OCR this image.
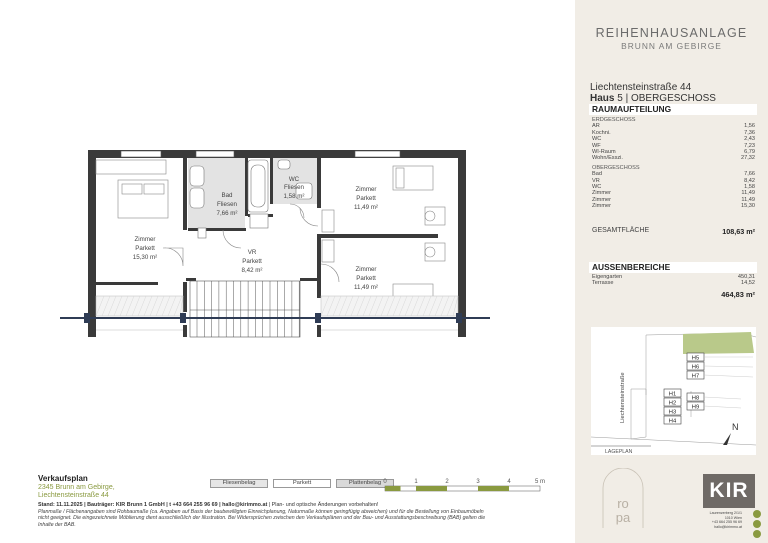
Bad
Fliesen
7,66 m²
WC
Fliesen
1,58 m²
Zimmer
Parkett
11,49 m²
Zimmer
Parkett
15,30 m²
VR
Parkett
8,42 m²	Zimmer
Parkett
11,49 m²
REIHENHAUSANLAGE
BRUNN AM GEBIRGE
Liechtensteinstraße 44
Haus 5 | OBERGESCHOSS
RAUMAUFTEILUNG
ERDGESCHOSS
AR	1,56
Kochni.	7,36
WC	2,43
WF	7,23
WI-Raum	6,79
Wohn/Esszi.	27,32
OBERGESCHOSS
Bad	7,66
VR	8,42
WC	1,58
Zimmer	11,49
Zimmer	11,49
Zimmer	15,30
GESAMTFLÄCHE	108,63 m²
AUSSENBEREICHE
Eigengarten	450,31
Terrasse	14,52
464,83 m²
H5
H6
H7
H1
H2
H3
H4
H8
H9
Liechtensteinstraße
N
LAGEPLAN
ro
pa
KIR
Laurenzerberg 2/1/1
1010 Wien
+43 664 255 96 69
hallo@kirimmo.at
Verkaufsplan
2345 Brunn am Gebirge,
Liechtensteinstraße 44
Fliesenbelag	Parkett	Plattenbelag 0	1	2	3	4	5 m
Stand: 11.11.2025 | Bauträger: KIR Brunn 1 GmbH | t +43 664 255 96 69 | hallo@kirimmo.at | Plan- und optische Änderungen vorbehalten!
Planmaße / Flächenangaben sind Rohbaumaße (ca. Angaben auf Basis der baubewilligten Einreichplanung, Naturmaße können geringfügig abweichen) und für die Bestellung von Einbaumöbeln
nicht geeignet. Die eingezeichnete Möblierung dient ausschließlich der Illustration. Bei Widersprüchen zwischen den Verkaufsplänen und der Bau- und Ausstattungsbeschreibung (BAB) gelten die
Inhalte der BAB.
